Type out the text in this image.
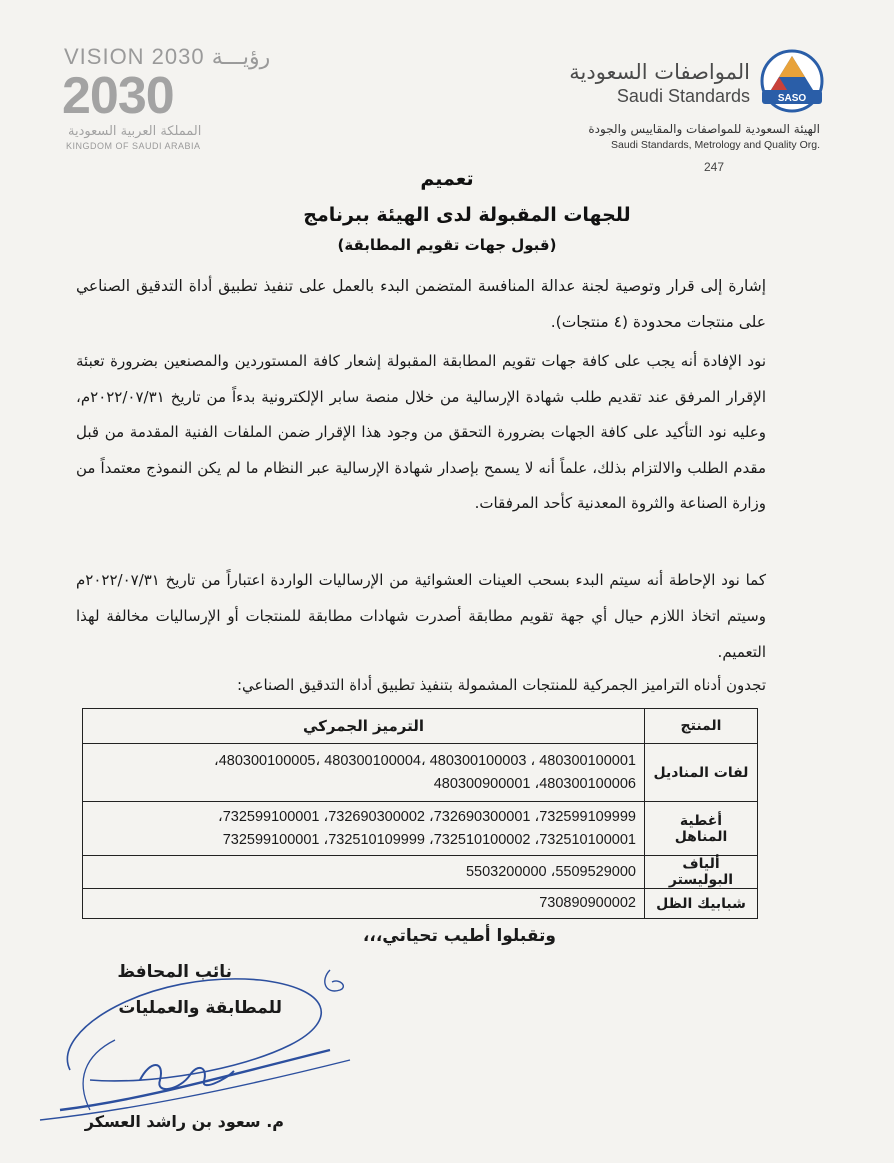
VISION 2030 رؤيـــة
2030
المملكة العربية السعودية
KINGDOM OF SAUDI ARABIA
SASO
المواصفات السعودية
Saudi Standards
الهيئة السعودية للمواصفات والمقاييس والجودة
Saudi Standards, Metrology and Quality Org.
247
تعميم
للجهات المقبولة لدى الهيئة ببرنامج
(قبول جهات تقويم المطابقة)
إشارة إلى قرار وتوصية لجنة عدالة المنافسة المتضمن البدء بالعمل على تنفيذ تطبيق أداة التدقيق الصناعي على منتجات محدودة (٤ منتجات).
نود الإفادة أنه يجب على كافة جهات تقويم المطابقة المقبولة إشعار كافة المستوردين والمصنعين بضرورة تعبئة الإقرار المرفق عند تقديم طلب شهادة الإرسالية من خلال منصة سابر الإلكترونية بدءاً من تاريخ ٢٠٢٢/٠٧/٣١م، وعليه نود التأكيد على كافة الجهات بضرورة التحقق من وجود هذا الإقرار ضمن الملفات الفنية المقدمة من قبل مقدم الطلب والالتزام بذلك، علماً أنه لا يسمح بإصدار شهادة الإرسالية عبر النظام ما لم يكن النموذج معتمداً من وزارة الصناعة والثروة المعدنية كأحد المرفقات.
كما نود الإحاطة أنه سيتم البدء بسحب العينات العشوائية من الإرساليات الواردة اعتباراً من تاريخ ٢٠٢٢/٠٧/٣١م وسيتم اتخاذ اللازم حيال أي جهة تقويم مطابقة أصدرت شهادات مطابقة للمنتجات أو الإرساليات مخالفة لهذا التعميم.
تجدون أدناه الترامیز الجمركية للمنتجات المشمولة بتنفيذ تطبيق أداة التدقيق الصناعي:
المنتج	الترميز الجمركي
لفات المناديل	480300100001 ، 480300100003 ،480300100004 ،480300100005،
480300100006، 480300900001

أغطية المناهل	732599109999، 732690300001، 732690300002، 732599100001،
732510100001، 732510100002، 732510109999، 732599100001

ألياف البوليستر	5509529000، 5503200000
شبابيك الظل	730890900002
وتقبلوا أطيب تحياتي،،،
نائب المحافظ
للمطابقة والعمليات
م. سعود بن راشد العسكر
